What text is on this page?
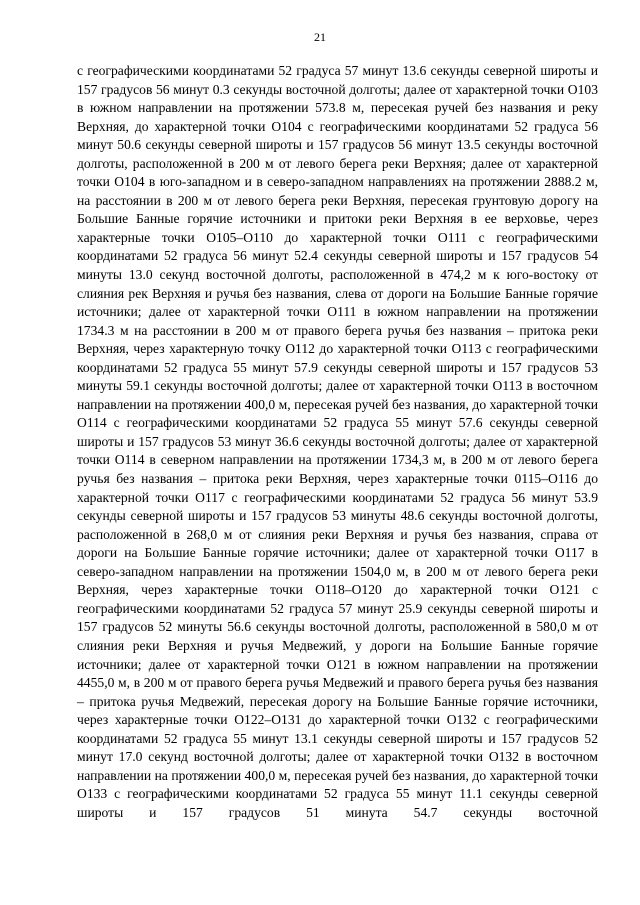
21

с географическими координатами 52 градуса 57 минут 13.6 секунды северной широты и 157 градусов 56 минут 0.3 секунды восточной долготы; далее от характерной точки О103 в южном направлении на протяжении 573.8 м, пересекая ручей без названия и реку Верхняя, до характерной точки О104 с географическими координатами 52 градуса 56 минут 50.6 секунды северной широты и 157 градусов 56 минут 13.5 секунды восточной долготы, расположенной в 200 м от левого берега реки Верхняя; далее от характерной точки О104 в юго-западном и в северо-западном направлениях на протяжении 2888.2 м, на расстоянии в 200 м от левого берега реки Верхняя, пересекая грунтовую дорогу на Большие Банные горячие источники и притоки реки Верхняя в ее верховье, через характерные точки О105–О110 до характерной точки О111 с географическими координатами 52 градуса 56 минут 52.4 секунды северной широты и 157 градусов 54 минуты 13.0 секунд восточной долготы, расположенной в 474,2 м к юго-востоку от слияния рек Верхняя и ручья без названия, слева от дороги на Большие Банные горячие источники; далее от характерной точки О111 в южном направлении на протяжении 1734.3 м на расстоянии в 200 м от правого берега ручья без названия – притока реки Верхняя, через характерную точку О112 до характерной точки О113 с географическими координатами 52 градуса 55 минут 57.9 секунды северной широты и 157 градусов 53 минуты 59.1 секунды восточной долготы; далее от характерной точки О113 в восточном направлении на протяжении 400,0 м, пересекая ручей без названия, до характерной точки О114 с географическими координатами 52 градуса 55 минут 57.6 секунды северной широты и 157 градусов 53 минут 36.6 секунды восточной долготы; далее от характерной точки О114 в северном направлении на протяжении 1734,3 м, в 200 м от левого берега ручья без названия – притока реки Верхняя, через характерные точки 0115–О116 до характерной точки О117 с географическими координатами 52 градуса 56 минут 53.9 секунды северной широты и 157 градусов 53 минуты 48.6 секунды восточной долготы, расположенной в 268,0 м от слияния реки Верхняя и ручья без названия, справа от дороги на Большие Банные горячие источники; далее от характерной точки О117 в северо-западном направлении на протяжении 1504,0 м, в 200 м от левого берега реки Верхняя, через характерные точки О118–О120 до характерной точки О121 с географическими координатами 52 градуса 57 минут 25.9 секунды северной широты и 157 градусов 52 минуты 56.6 секунды восточной долготы, расположенной в 580,0 м от слияния реки Верхняя и ручья Медвежий, у дороги на Большие Банные горячие источники; далее от характерной точки О121 в южном направлении на протяжении 4455,0 м, в 200 м от правого берега ручья Медвежий и правого берега ручья без названия – притока ручья Медвежий, пересекая дорогу на Большие Банные горячие источники, через характерные точки О122–О131 до характерной точки О132 с географическими координатами 52 градуса 55 минут 13.1 секунды северной широты и 157 градусов 52 минут 17.0 секунд восточной долготы; далее от характерной точки О132 в восточном направлении на протяжении 400,0 м, пересекая ручей без названия, до характерной точки О133 с географическими координатами 52 градуса 55 минут 11.1 секунды северной широты и 157 градусов 51 минута 54.7 секунды восточной
